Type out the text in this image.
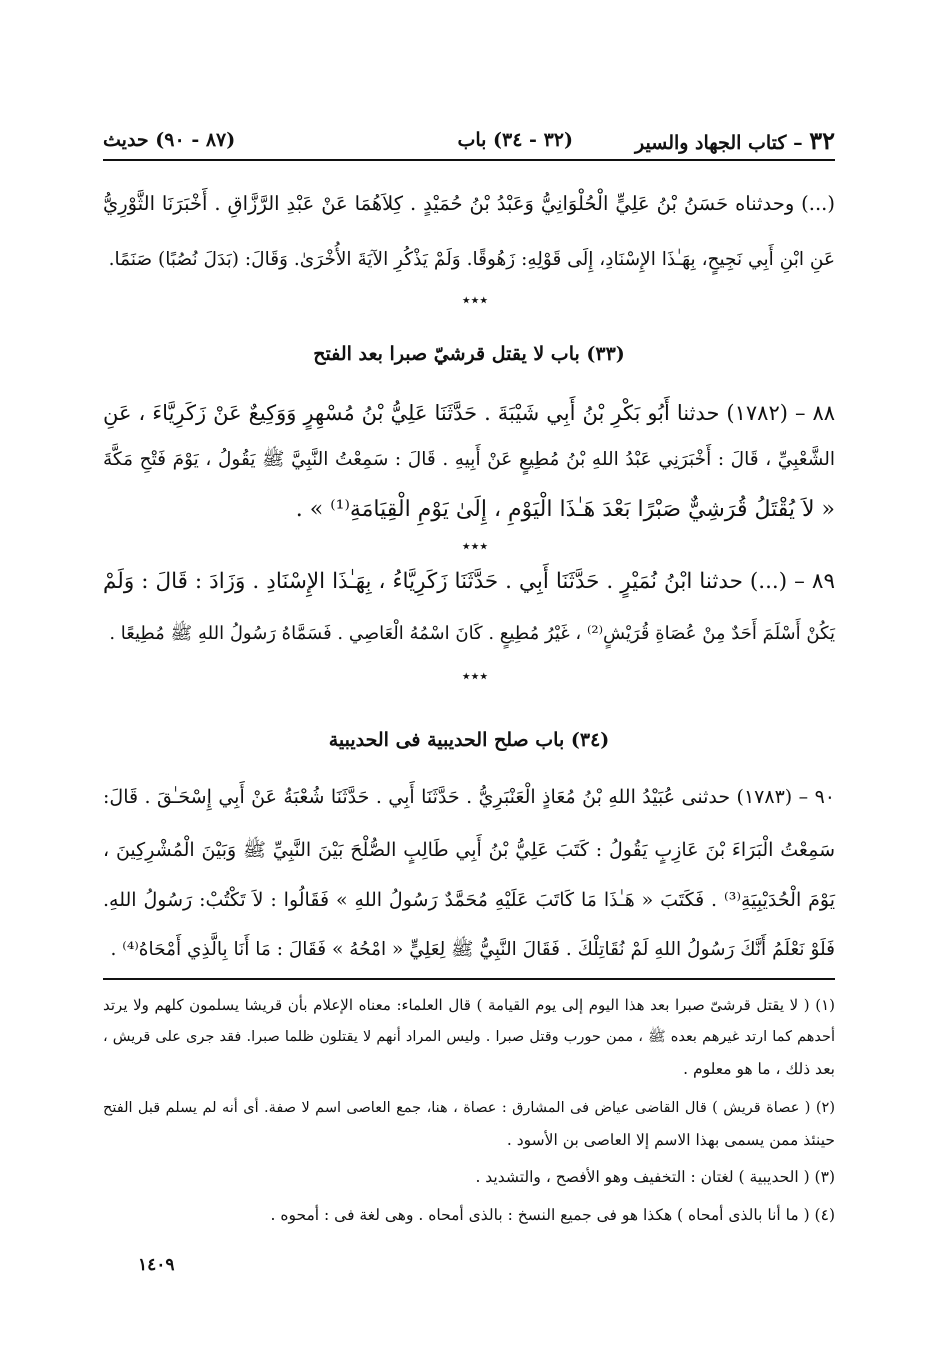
٣٢ – كتاب الجهاد والسير
(٣٢ - ٣٤) باب
(٨٧ - ٩٠) حديث
(...) وحدثناه حَسَنُ بْنُ عَلِيٍّ الْحُلْوَانِيُّ وَعَبْدُ بْنُ حُمَيْدٍ . كِلاَهُمَا عَنْ عَبْدِ الرَّزَّاقِ . أَخْبَرَنَا الثَّوْرِيُّ
عَنِ ابْنِ أَبِي نَجِيحٍ، بِهَـٰذَا الإِسْنَادِ، إِلَى قَوْلِهِ: زَهُوقًا. وَلَمْ يَذْكُرِ الآيَةَ الأُخْرَىٰ. وَقَالَ: (بَدَلَ نُصُبًا) صَنَمًا.
٭٭٭
(٣٣) باب لا يقتل قرشيّ صبرا بعد الفتح
٨٨ – (١٧٨٢) حدثنا أَبُو بَكْرِ بْنُ أَبِي شَيْبَةَ . حَدَّثَنَا عَلِيُّ بْنُ مُسْهِرٍ وَوَكِيعٌ عَنْ زَكَرِيَّاءَ ، عَنِ
الشَّعْبِيِّ ، قَالَ : أَخْبَرَنِي عَبْدُ اللهِ بْنُ مُطِيعٍ عَنْ أَبِيهِ . قَالَ : سَمِعْتُ النَّبِيَّ ﷺ يَقُولُ ، يَوْمَ فَتْحِ مَكَّةَ
« لاَ يُقْتَلُ قُرَشِيٌّ صَبْرًا بَعْدَ هَـٰذَا الْيَوْمِ ، إِلَىٰ يَوْمِ الْقِيَامَةِ⁽¹⁾ » .
٭٭٭
٨٩ – (...) حدثنا ابْنُ نُمَيْرٍ . حَدَّثَنَا أَبِي . حَدَّثَنَا زَكَرِيَّاءُ ، بِهَـٰذَا الإِسْنَادِ . وَزَادَ : قَالَ : وَلَمْ
يَكُنْ أَسْلَمَ أَحَدٌ مِنْ عُصَاةِ قُرَيْشٍ⁽²⁾ ، غَيْرُ مُطِيعٍ . كَانَ اسْمُهُ الْعَاصِي . فَسَمَّاهُ رَسُولُ اللهِ ﷺ مُطِيعًا .
٭٭٭
(٣٤) باب صلح الحديبية فى الحديبية
٩٠ – (١٧٨٣) حدثنى عُبَيْدُ اللهِ بْنُ مُعَاذٍ الْعَنْبَرِيُّ . حَدَّثَنَا أَبِي . حَدَّثَنَا شُعْبَةُ عَنْ أَبِي إِسْحَـٰقَ . قَالَ:
سَمِعْتُ الْبَرَاءَ بْنَ عَازِبٍ يَقُولُ : كَتَبَ عَلِيُّ بْنُ أَبِي طَالِبٍ الصُّلْحَ بَيْنَ النَّبِيِّ ﷺ وَبَيْنَ الْمُشْرِكِينَ ،
يَوْمَ الْحُدَيْبِيَةِ⁽³⁾ . فَكَتَبَ « هَـٰذَا مَا كَاتَبَ عَلَيْهِ مُحَمَّدٌ رَسُولُ اللهِ » فَقَالُوا : لاَ تَكْتُبْ: رَسُولُ اللهِ.
فَلَوْ نَعْلَمُ أَنَّكَ رَسُولُ اللهِ لَمْ نُقَاتِلْكَ . فَقَالَ النَّبِيُّ ﷺ لِعَلِيٍّ « امْحُهُ » فَقَالَ : مَا أَنَا بِالَّذِي أَمْحَاهُ⁽⁴⁾ .
(١) ( لا يقتل قرشىّ صبرا بعد هذا اليوم إلى يوم القيامة ) قال العلماء: معناه الإعلام بأن قريشا يسلمون كلهم ولا يرتد
أحدهم كما ارتد غيرهم بعده ﷺ ، ممن حورب وقتل صبرا . وليس المراد أنهم لا يقتلون ظلما صبرا. فقد جرى على قريش ،
بعد ذلك ، ما هو معلوم .
(٢) ( عصاة قريش ) قال القاضى عياض فى المشارق : عصاة ، هنا، جمع العاصى اسم لا صفة. أى أنه لم يسلم قبل الفتح
حينئذ ممن يسمى بهذا الاسم إلا العاصى بن الأسود .
(٣) ( الحديبية ) لغتان : التخفيف وهو الأفصح ، والتشديد .
(٤) ( ما أنا بالذى أمحاه ) هكذا هو فى جميع النسخ : بالذى أمحاه . وهى لغة فى : أمحوه .
١٤٠٩
